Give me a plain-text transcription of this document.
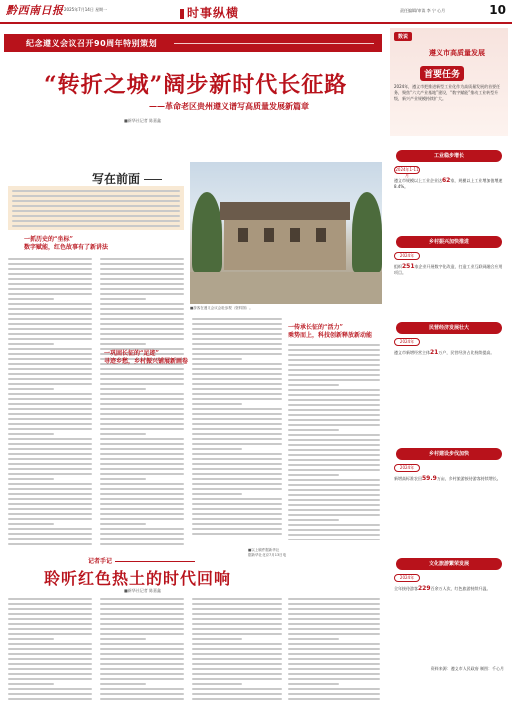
黔西南日报 2025年7月14日 星期一	时事纵横	责任编辑/审读 李 宁 心月	10
纪念遵义会议召开90周年特别策划
“转折之城”阔步新时代长征路
——革命老区贵州遵义谱写高质量发展新篇章
■新华社记者 陈嘉鑫
写在前面
一抓历史的“坐标”
数字赋能，红色故事有了新讲法
■游客在遵义会议会址参观（资料图）。
一巩固长征的“足迹”
寻迹乡愁，乡村振兴铺展新画卷
一传承长征的“活力”
乘势而上，科技创新释放新动能
■以上稿件据新华社
据新华社北京7月13日电
记者手记
聆听红色热土的时代回响
■新华社记者 陈嘉鑫
数说
遵义市高质量发展
首要任务
2024年，遵义市把推进新型工业化作为高质量发展的首要任务，聚焦“六大产业基地”建设，“数字赋能”推动工业转型升级，新兴产业规模持续扩大。
工业稳步增长
2024年1-11月
遵义市规模以上工业企业达62家，规模以上工业增加值增速 8.4%。
乡村振兴加快推进
2024年
组织251家企业开展数字化改造，打造工业互联网融合应用项目。
民营经济发展壮大
2024年
遵义市新增经营主体21万户，民营经济占比持续提高。
乡村建设步伐加快
2024年
新增高标准农田59.9万亩，乡村旅游接待游客持续增长。
文化旅游繁荣发展
2024年
全年接待游客229百余万人次，红色旅游持续升温。
资料来源：遵义市人民政府 制图：千心月
